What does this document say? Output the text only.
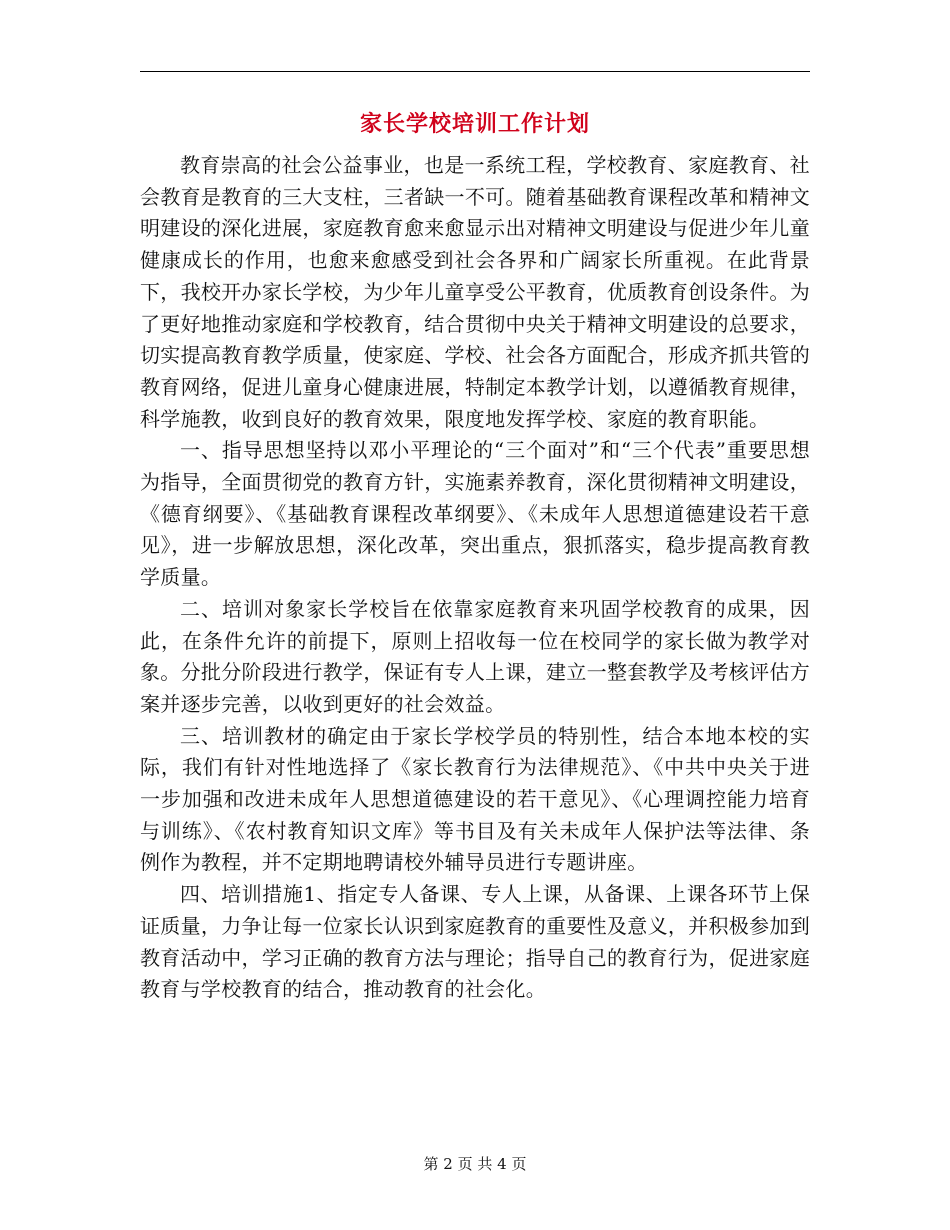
家长学校培训工作计划

教育崇高的社会公益事业，也是一系统工程，学校教育、家庭教育、社会教育是教育的三大支柱，三者缺一不可。随着基础教育课程改革和精神文明建设的深化进展，家庭教育愈来愈显示出对精神文明建设与促进少年儿童健康成长的作用，也愈来愈感受到社会各界和广阔家长所重视。在此背景下，我校开办家长学校，为少年儿童享受公平教育，优质教育创设条件。为了更好地推动家庭和学校教育，结合贯彻中央关于精神文明建设的总要求，切实提高教育教学质量，使家庭、学校、社会各方面配合，形成齐抓共管的教育网络，促进儿童身心健康进展，特制定本教学计划，以遵循教育规律，科学施教，收到良好的教育效果，限度地发挥学校、家庭的教育职能。

一、指导思想坚持以邓小平理论的“三个面对”和“三个代表”重要思想为指导，全面贯彻党的教育方针，实施素养教育，深化贯彻精神文明建设，《德育纲要》、《基础教育课程改革纲要》、《未成年人思想道德建设若干意见》，进一步解放思想，深化改革，突出重点，狠抓落实，稳步提高教育教学质量。

二、培训对象家长学校旨在依靠家庭教育来巩固学校教育的成果，因此，在条件允许的前提下，原则上招收每一位在校同学的家长做为教学对象。分批分阶段进行教学，保证有专人上课，建立一整套教学及考核评估方案并逐步完善，以收到更好的社会效益。

三、培训教材的确定由于家长学校学员的特别性，结合本地本校的实际，我们有针对性地选择了《家长教育行为法律规范》、《中共中央关于进一步加强和改进未成年人思想道德建设的若干意见》、《心理调控能力培育与训练》、《农村教育知识文库》等书目及有关未成年人保护法等法律、条例作为教程，并不定期地聘请校外辅导员进行专题讲座。

四、培训措施1、指定专人备课、专人上课，从备课、上课各环节上保证质量，力争让每一位家长认识到家庭教育的重要性及意义，并积极参加到教育活动中，学习正确的教育方法与理论；指导自己的教育行为，促进家庭教育与学校教育的结合，推动教育的社会化。

第 2 页 共 4 页
